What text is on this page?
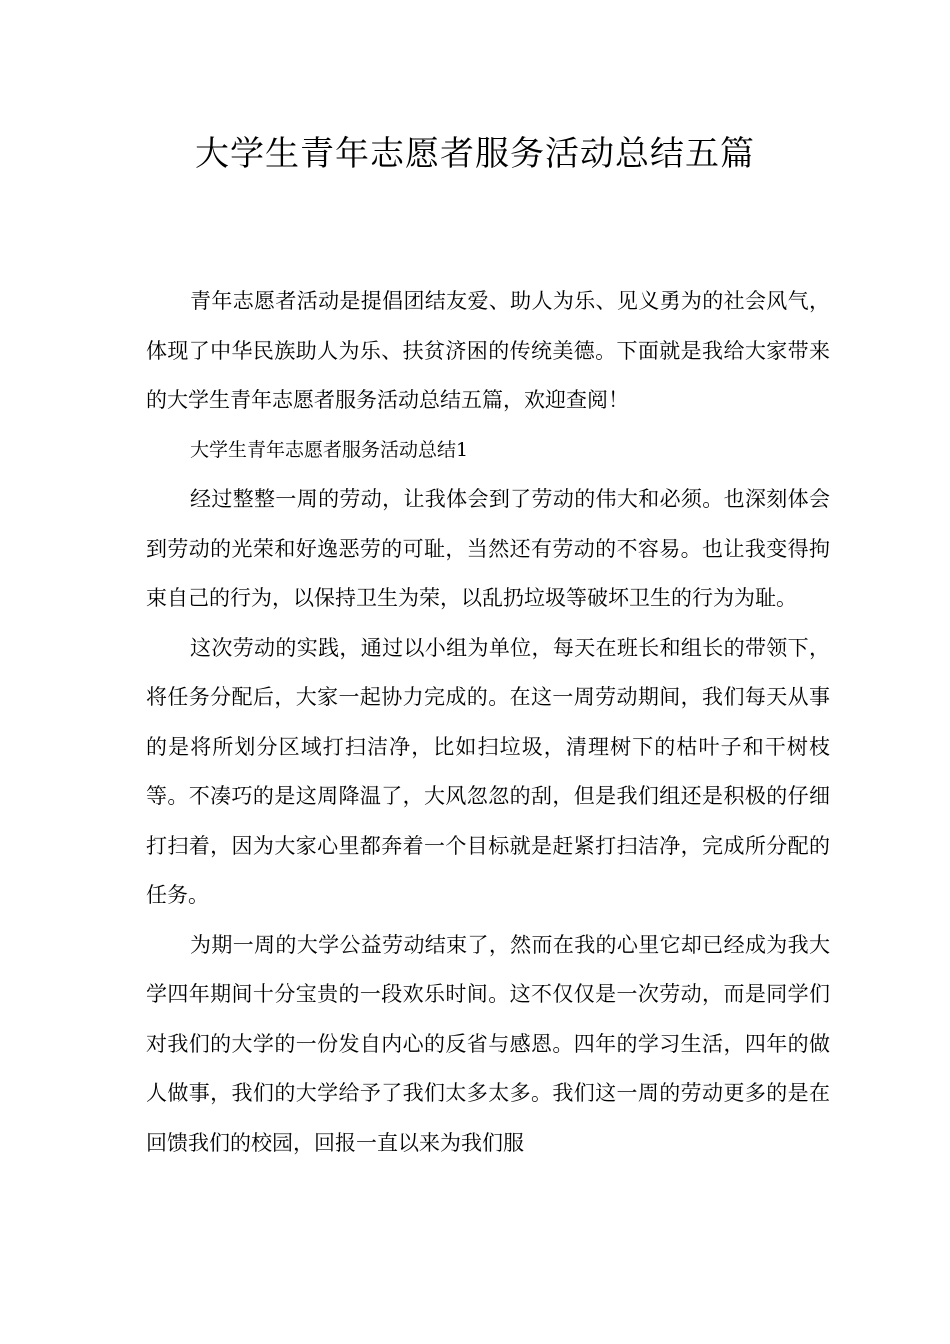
大学生青年志愿者服务活动总结五篇

青年志愿者活动是提倡团结友爱、助人为乐、见义勇为的社会风气，体现了中华民族助人为乐、扶贫济困的传统美德。下面就是我给大家带来的大学生青年志愿者服务活动总结五篇，欢迎查阅！

大学生青年志愿者服务活动总结1

经过整整一周的劳动，让我体会到了劳动的伟大和必须。也深刻体会到劳动的光荣和好逸恶劳的可耻，当然还有劳动的不容易。也让我变得拘束自己的行为，以保持卫生为荣，以乱扔垃圾等破坏卫生的行为为耻。

这次劳动的实践，通过以小组为单位，每天在班长和组长的带领下，将任务分配后，大家一起协力完成的。在这一周劳动期间，我们每天从事的是将所划分区域打扫洁净，比如扫垃圾，清理树下的枯叶子和干树枝等。不凑巧的是这周降温了，大风忽忽的刮，但是我们组还是积极的仔细打扫着，因为大家心里都奔着一个目标就是赶紧打扫洁净，完成所分配的任务。

为期一周的大学公益劳动结束了，然而在我的心里它却已经成为我大学四年期间十分宝贵的一段欢乐时间。这不仅仅是一次劳动，而是同学们对我们的大学的一份发自内心的反省与感恩。四年的学习生活，四年的做人做事，我们的大学给予了我们太多太多。我们这一周的劳动更多的是在回馈我们的校园，回报一直以来为我们服
